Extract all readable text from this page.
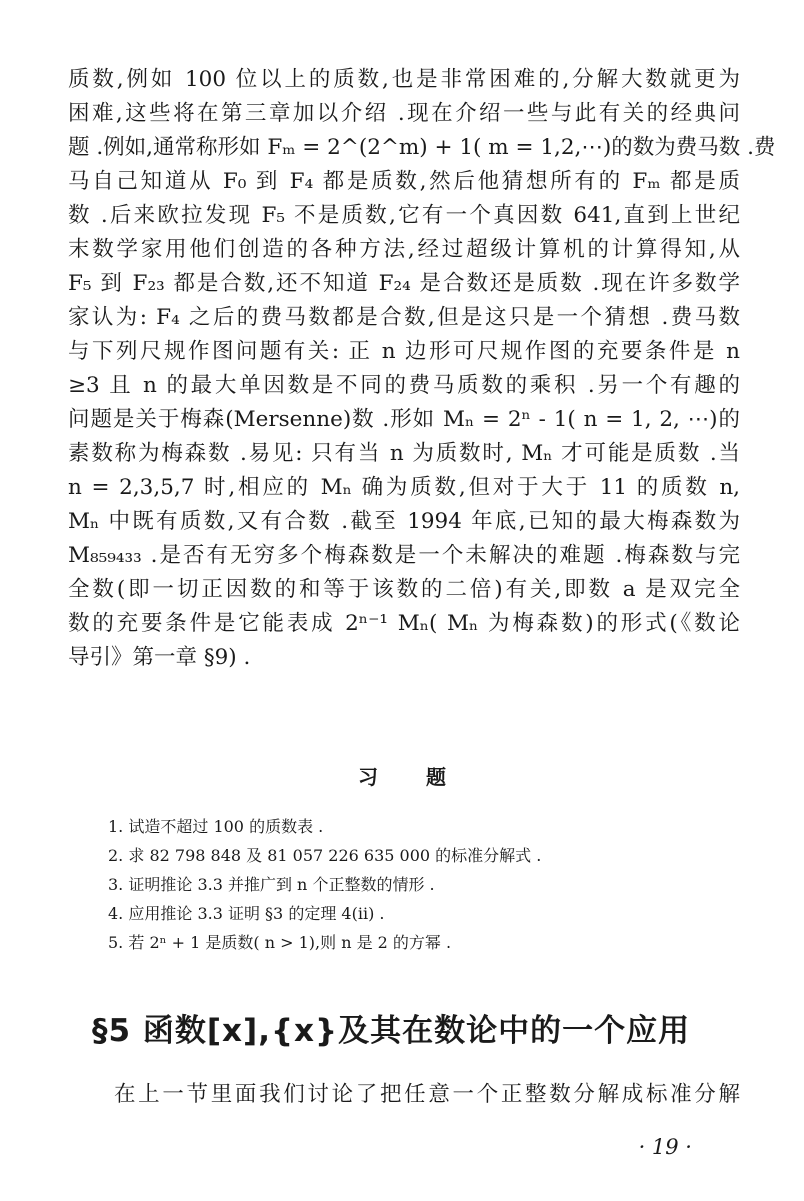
质数,例如 100 位以上的质数,也是非常困难的,分解大数就更为
困难,这些将在第三章加以介绍 .现在介绍一些与此有关的经典问
题 .例如,通常称形如 Fₘ = 2^(2^m) + 1( m = 1,2,⋯)的数为费马数 .费
马自己知道从 F₀ 到 F₄ 都是质数,然后他猜想所有的 Fₘ 都是质
数 .后来欧拉发现 F₅ 不是质数,它有一个真因数 641,直到上世纪
末数学家用他们创造的各种方法,经过超级计算机的计算得知,从
F₅ 到 F₂₃ 都是合数,还不知道 F₂₄ 是合数还是质数 .现在许多数学
家认为: F₄ 之后的费马数都是合数,但是这只是一个猜想 .费马数
与下列尺规作图问题有关: 正 n 边形可尺规作图的充要条件是 n
≥3 且 n 的最大单因数是不同的费马质数的乘积 .另一个有趣的
问题是关于梅森(Mersenne)数 .形如 Mₙ = 2ⁿ - 1( n = 1, 2, ⋯)的
素数称为梅森数 .易见: 只有当 n 为质数时, Mₙ 才可能是质数 .当
n = 2,3,5,7 时,相应的 Mₙ 确为质数,但对于大于 11 的质数 n,
Mₙ 中既有质数,又有合数 .截至 1994 年底,已知的最大梅森数为
M₈₅₉₄₃₃ .是否有无穷多个梅森数是一个未解决的难题 .梅森数与完
全数(即一切正因数的和等于该数的二倍)有关,即数 a 是双完全
数的充要条件是它能表成 2ⁿ⁻¹ Mₙ( Mₙ 为梅森数)的形式(《数论
导引》第一章 §9) .
习题
1. 试造不超过 100 的质数表 .
2. 求 82 798 848 及 81 057 226 635 000 的标准分解式 .
3. 证明推论 3.3 并推广到 n 个正整数的情形 .
4. 应用推论 3.3 证明 §3 的定理 4(ii) .
5. 若 2ⁿ + 1 是质数( n > 1),则 n 是 2 的方幂 .
§5 函数[x],{x}及其在数论中的一个应用
在上一节里面我们讨论了把任意一个正整数分解成标准分解
· 19 ·
